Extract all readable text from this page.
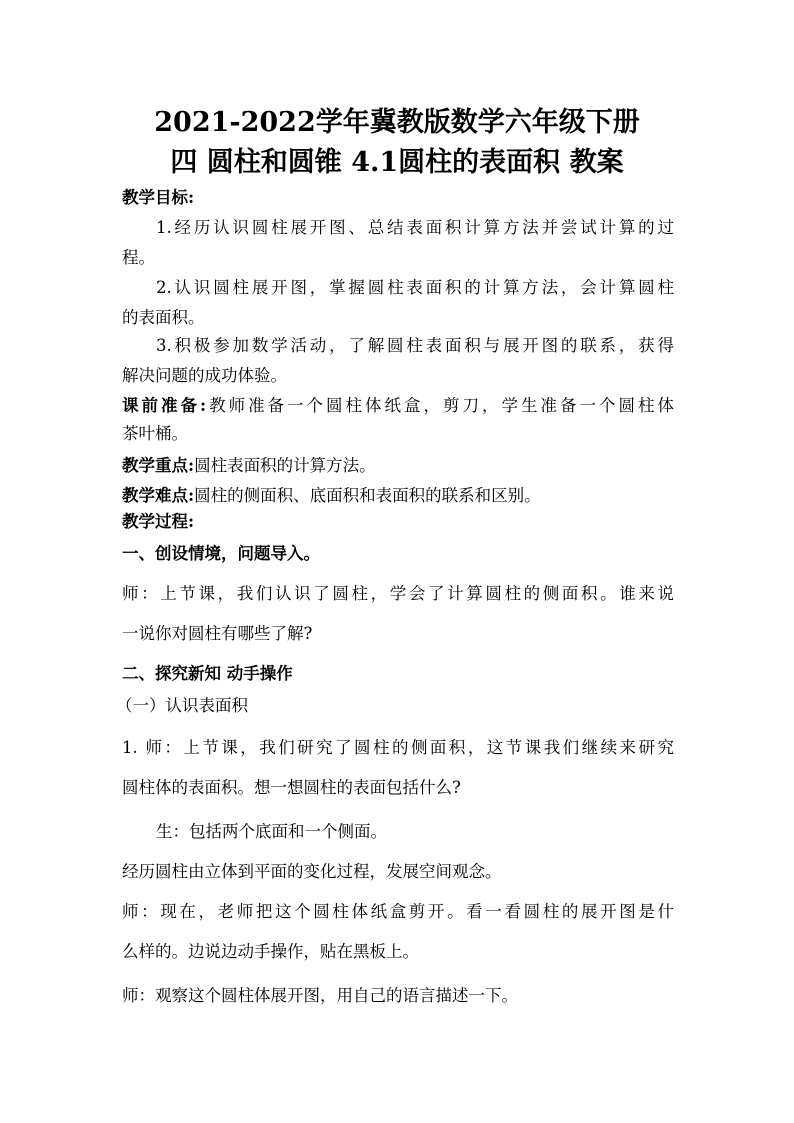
2021-2022学年冀教版数学六年级下册
四 圆柱和圆锥 4.1圆柱的表面积 教案
教学目标:
1.经历认识圆柱展开图、总结表面积计算方法并尝试计算的过
程。
2.认识圆柱展开图，掌握圆柱表面积的计算方法，会计算圆柱
的表面积。
3.积极参加数学活动，了解圆柱表面积与展开图的联系，获得
解决问题的成功体验。
课前准备:教师准备一个圆柱体纸盒，剪刀，学生准备一个圆柱体
茶叶桶。
教学重点:圆柱表面积的计算方法。
教学难点:圆柱的侧面积、底面积和表面积的联系和区别。
教学过程:
一、创设情境，问题导入。
师：上节课，我们认识了圆柱，学会了计算圆柱的侧面积。谁来说
一说你对圆柱有哪些了解?
二、探究新知 动手操作
（一）认识表面积
1. 师：上节课，我们研究了圆柱的侧面积，这节课我们继续来研究
圆柱体的表面积。想一想圆柱的表面包括什么?
生：包括两个底面和一个侧面。
经历圆柱由立体到平面的变化过程，发展空间观念。
师：现在，老师把这个圆柱体纸盒剪开。看一看圆柱的展开图是什
么样的。边说边动手操作，贴在黑板上。
师：观察这个圆柱体展开图，用自己的语言描述一下。
